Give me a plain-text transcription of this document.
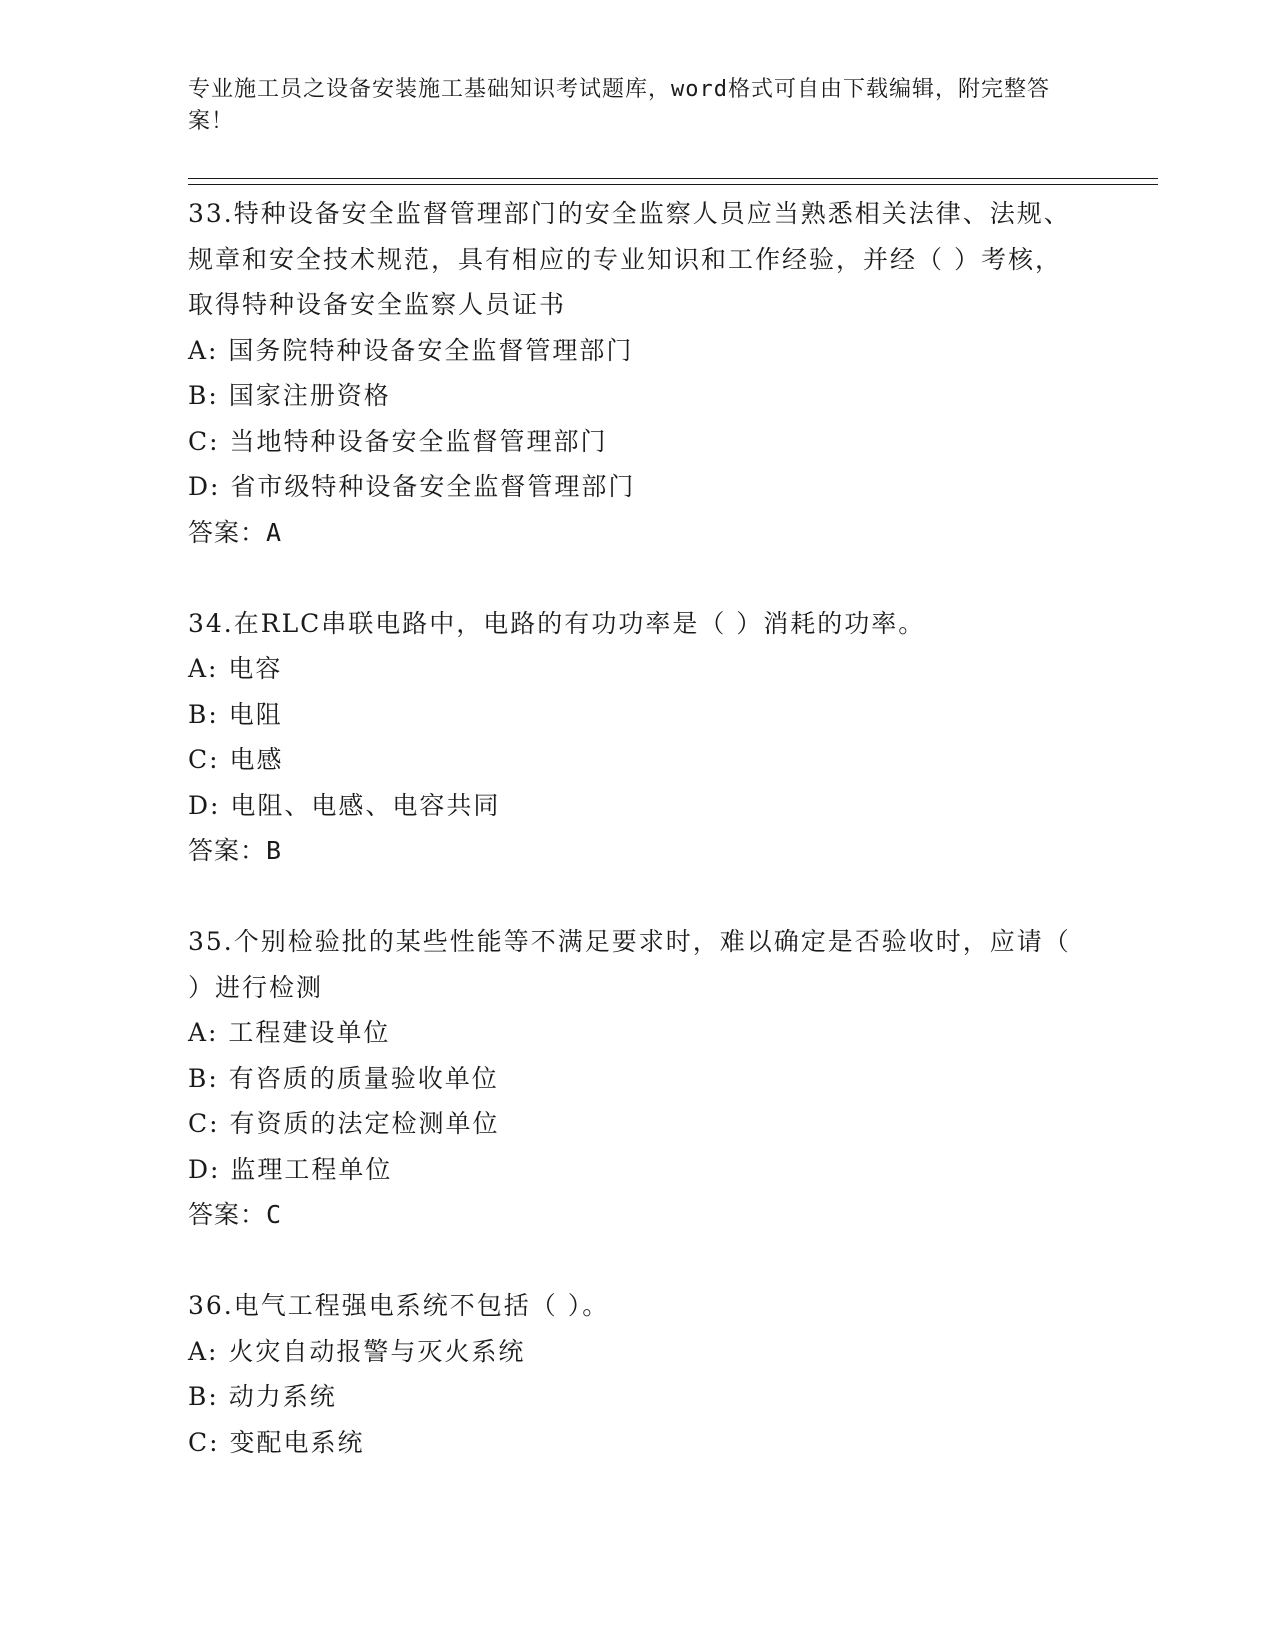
专业施工员之设备安装施工基础知识考试题库，word格式可自由下载编辑，附完整答案！

33.特种设备安全监督管理部门的安全监察人员应当熟悉相关法律、法规、规章和安全技术规范，具有相应的专业知识和工作经验，并经（ ）考核，取得特种设备安全监察人员证书

A: 国务院特种设备安全监督管理部门

B: 国家注册资格

C: 当地特种设备安全监督管理部门

D: 省市级特种设备安全监督管理部门

答案：A

34.在RLC串联电路中，电路的有功功率是（ ）消耗的功率。

A: 电容

B: 电阻

C: 电感

D: 电阻、电感、电容共同

答案：B

35.个别检验批的某些性能等不满足要求时，难以确定是否验收时，应请（ ）进行检测

A: 工程建设单位

B: 有咨质的质量验收单位

C: 有资质的法定检测单位

D: 监理工程单位

答案：C

36.电气工程强电系统不包括（ ）。

A: 火灾自动报警与灭火系统

B: 动力系统

C: 变配电系统
